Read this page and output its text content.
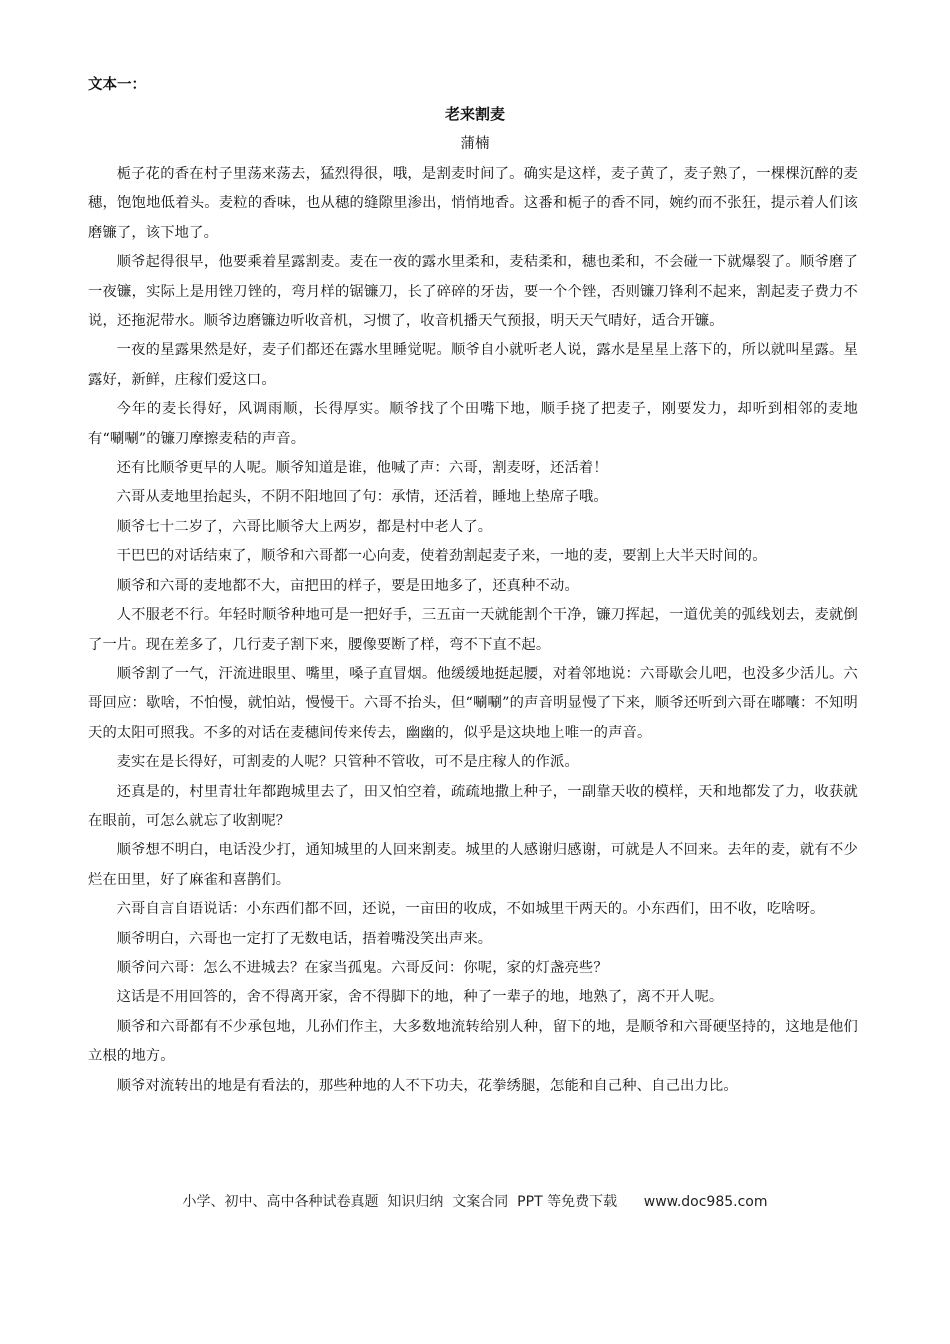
文本一：

老来割麦

蒲楠

栀子花的香在村子里荡来荡去，猛烈得很，哦，是割麦时间了。确实是这样，麦子黄了，麦子熟了，一棵棵沉醉的麦穗，饱饱地低着头。麦粒的香味，也从穗的缝隙里渗出，悄悄地香。这番和栀子的香不同，婉约而不张狂，提示着人们该磨镰了，该下地了。

顺爷起得很早，他要乘着星露割麦。麦在一夜的露水里柔和，麦秸柔和，穗也柔和，不会碰一下就爆裂了。顺爷磨了一夜镰，实际上是用锉刀锉的，弯月样的锯镰刀，长了碎碎的牙齿，要一个个锉，否则镰刀锋利不起来，割起麦子费力不说，还拖泥带水。顺爷边磨镰边听收音机，习惯了，收音机播天气预报，明天天气晴好，适合开镰。

一夜的星露果然是好，麦子们都还在露水里睡觉呢。顺爷自小就听老人说，露水是星星上落下的，所以就叫星露。星露好，新鲜，庄稼们爱这口。

今年的麦长得好，风调雨顺，长得厚实。顺爷找了个田嘴下地，顺手挠了把麦子，刚要发力，却听到相邻的麦地有“唰唰”的镰刀摩擦麦秸的声音。

还有比顺爷更早的人呢。顺爷知道是谁，他喊了声：六哥，割麦呀，还活着！

六哥从麦地里抬起头，不阴不阳地回了句：承情，还活着，睡地上垫席子哦。

顺爷七十二岁了，六哥比顺爷大上两岁，都是村中老人了。

干巴巴的对话结束了，顺爷和六哥都一心向麦，使着劲割起麦子来，一地的麦，要割上大半天时间的。

顺爷和六哥的麦地都不大，亩把田的样子，要是田地多了，还真种不动。

人不服老不行。年轻时顺爷种地可是一把好手，三五亩一天就能割个干净，镰刀挥起，一道优美的弧线划去，麦就倒了一片。现在差多了，几行麦子割下来，腰像要断了样，弯不下直不起。

顺爷割了一气，汗流进眼里、嘴里，嗓子直冒烟。他缓缓地挺起腰，对着邻地说：六哥歇会儿吧，也没多少活儿。六哥回应：歇啥，不怕慢，就怕站，慢慢干。六哥不抬头，但“唰唰”的声音明显慢了下来，顺爷还听到六哥在嘟囔：不知明天的太阳可照我。不多的对话在麦穗间传来传去，幽幽的，似乎是这块地上唯一的声音。

麦实在是长得好，可割麦的人呢？只管种不管收，可不是庄稼人的作派。

还真是的，村里青壮年都跑城里去了，田又怕空着，疏疏地撒上种子，一副靠天收的模样，天和地都发了力，收获就在眼前，可怎么就忘了收割呢？

顺爷想不明白，电话没少打，通知城里的人回来割麦。城里的人感谢归感谢，可就是人不回来。去年的麦，就有不少烂在田里，好了麻雀和喜鹊们。

六哥自言自语说话：小东西们都不回，还说，一亩田的收成，不如城里干两天的。小东西们，田不收，吃啥呀。

顺爷明白，六哥也一定打了无数电话，捂着嘴没笑出声来。

顺爷问六哥：怎么不进城去？在家当孤鬼。六哥反问：你呢，家的灯盏亮些？

这话是不用回答的，舍不得离开家，舍不得脚下的地，种了一辈子的地，地熟了，离不开人呢。

顺爷和六哥都有不少承包地，儿孙们作主，大多数地流转给别人种，留下的地，是顺爷和六哥硬坚持的，这地是他们立根的地方。

顺爷对流转出的地是有看法的，那些种地的人不下功夫，花拳绣腿，怎能和自己种、自己出力比。

小学、初中、高中各种试卷真题  知识归纳  文案合同  PPT 等免费下载      www.doc985.com
